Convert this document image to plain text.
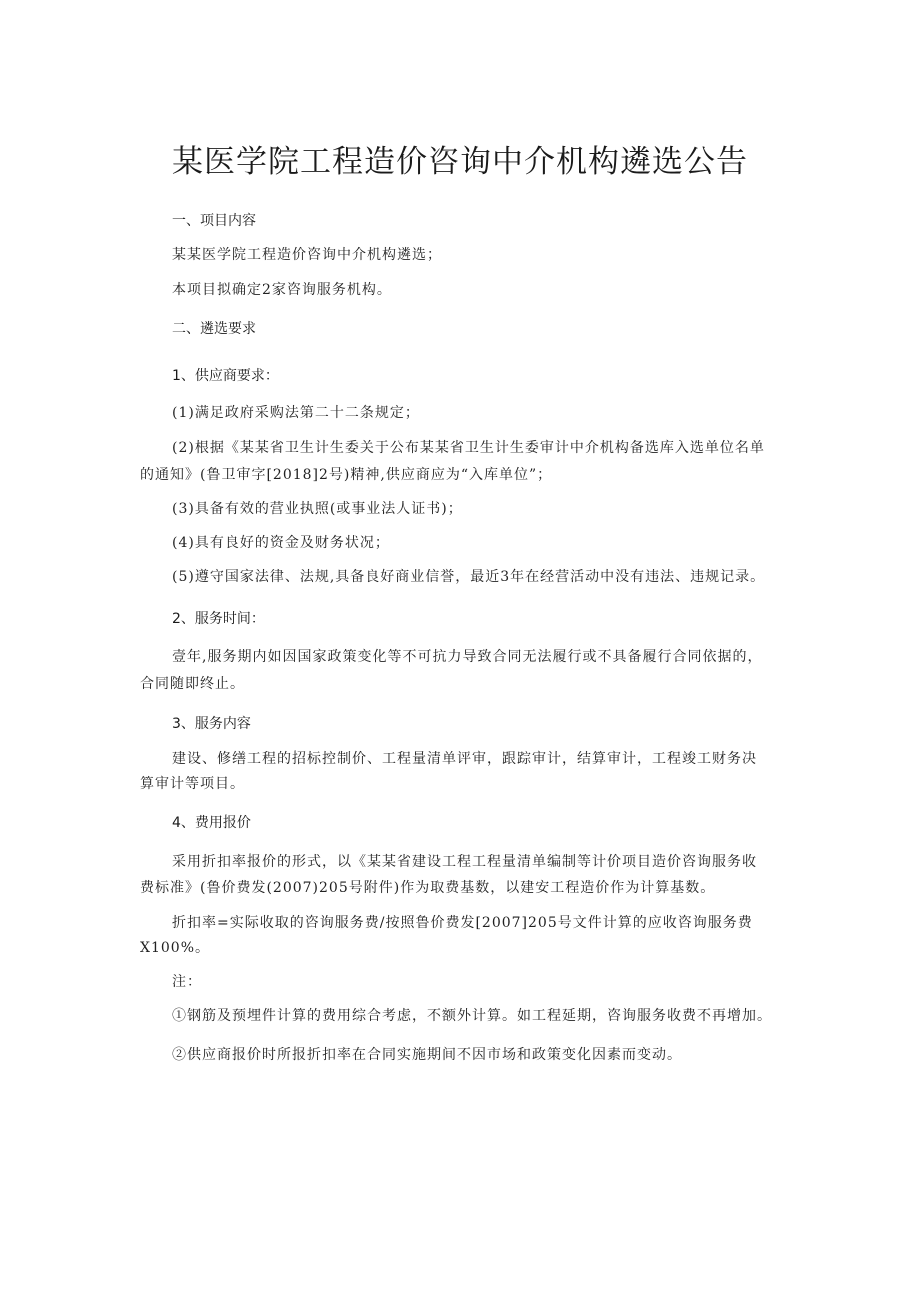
某医学院工程造价咨询中介机构遴选公告
一、项目内容
某某医学院工程造价咨询中介机构遴选；
本项目拟确定2家咨询服务机构。
二、遴选要求
1、供应商要求：
(1)满足政府采购法第二十二条规定；
(2)根据《某某省卫生计生委关于公布某某省卫生计生委审计中介机构备选库入选单位名单
的通知》(鲁卫审字[2018]2号)精神,供应商应为“入库单位”；
(3)具备有效的营业执照(或事业法人证书)；
(4)具有良好的资金及财务状况；
(5)遵守国家法律、法规,具备良好商业信誉，最近3年在经营活动中没有违法、违规记录。
2、服务时间：
壹年,服务期内如因国家政策变化等不可抗力导致合同无法履行或不具备履行合同依据的，
合同随即终止。
3、服务内容
建设、修缮工程的招标控制价、工程量清单评审，跟踪审计，结算审计，工程竣工财务决
算审计等项目。
4、费用报价
采用折扣率报价的形式，以《某某省建设工程工程量清单编制等计价项目造价咨询服务收
费标准》(鲁价费发(2007)205号附件)作为取费基数，以建安工程造价作为计算基数。
折扣率=实际收取的咨询服务费/按照鲁价费发[2007]205号文件计算的应收咨询服务费
X100%。
注：
①钢筋及预埋件计算的费用综合考虑，不额外计算。如工程延期，咨询服务收费不再增加。
②供应商报价时所报折扣率在合同实施期间不因市场和政策变化因素而变动。
